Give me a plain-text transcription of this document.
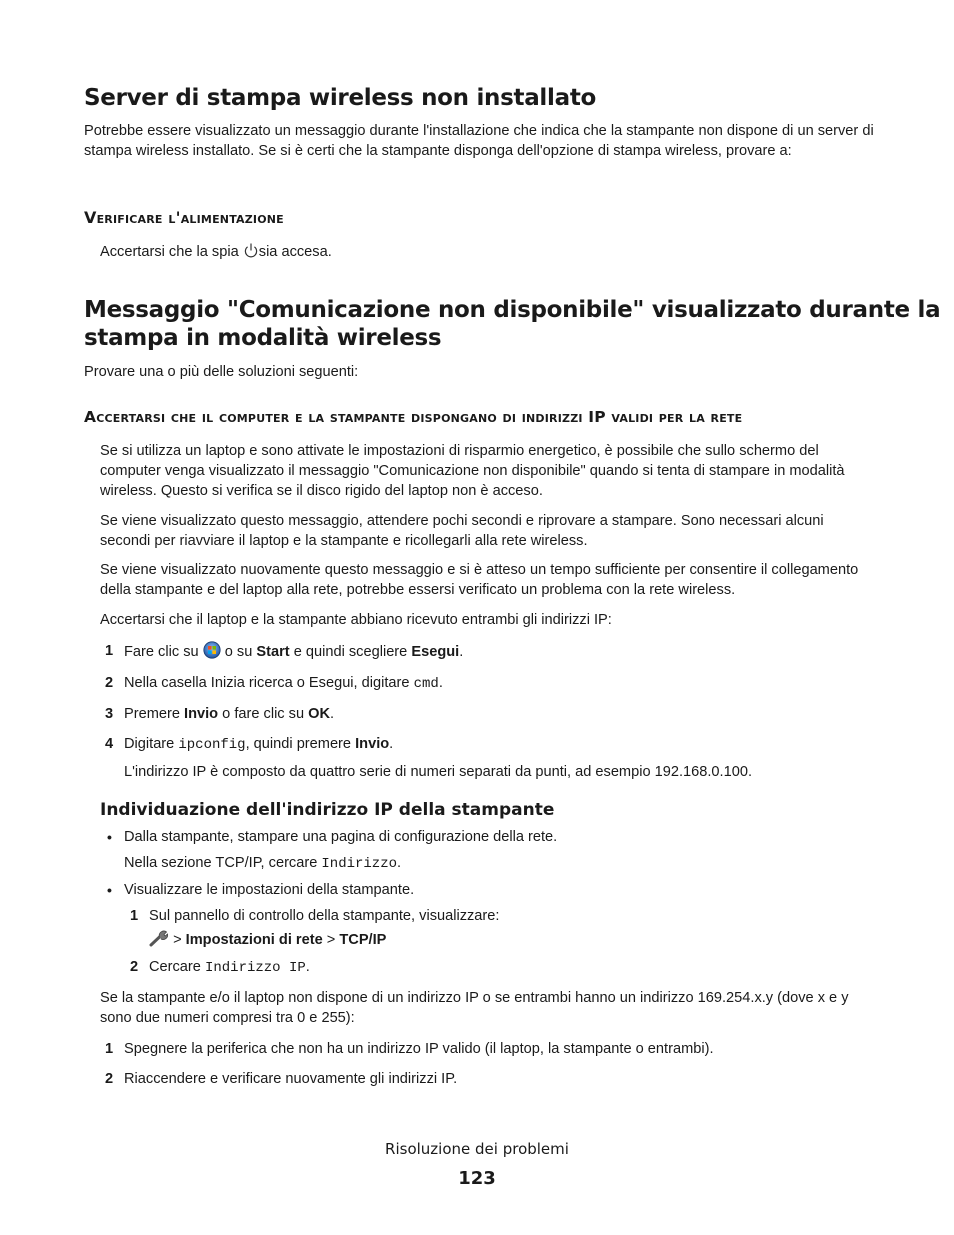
Server di stampa wireless non installato

Potrebbe essere visualizzato un messaggio durante l'installazione che indica che la stampante non dispone di un server di stampa wireless installato. Se si è certi che la stampante disponga dell'opzione di stampa wireless, provare a:

Verificare l'alimentazione

Accertarsi che la spia sia accesa.

Messaggio "Comunicazione non disponibile" visualizzato durante la
stampa in modalità wireless

Provare una o più delle soluzioni seguenti:

Accertarsi che il computer e la stampante dispongano di indirizzi IP validi per la rete

Se si utilizza un laptop e sono attivate le impostazioni di risparmio energetico, è possibile che sullo schermo del computer venga visualizzato il messaggio "Comunicazione non disponibile" quando si tenta di stampare in modalità wireless. Questo si verifica se il disco rigido del laptop non è acceso.

Se viene visualizzato questo messaggio, attendere pochi secondi e riprovare a stampare. Sono necessari alcuni secondi per riavviare il laptop e la stampante e ricollegarli alla rete wireless.

Se viene visualizzato nuovamente questo messaggio e si è atteso un tempo sufficiente per consentire il collegamento della stampante e del laptop alla rete, potrebbe essersi verificato un problema con la rete wireless.

Accertarsi che il laptop e la stampante abbiano ricevuto entrambi gli indirizzi IP:

1 Fare clic su o su Start e quindi scegliere Esegui.
2 Nella casella Inizia ricerca o Esegui, digitare cmd.
3 Premere Invio o fare clic su OK.
4 Digitare ipconfig, quindi premere Invio.

L'indirizzo IP è composto da quattro serie di numeri separati da punti, ad esempio 192.168.0.100.

Individuazione dell'indirizzo IP della stampante
• Dalla stampante, stampare una pagina di configurazione della rete.

Nella sezione TCP/IP, cercare Indirizzo.

• Visualizzare le impostazioni della stampante.

1 Sul pannello di controllo della stampante, visualizzare:

> Impostazioni di rete > TCP/IP

2 Cercare Indirizzo IP.

Se la stampante e/o il laptop non dispone di un indirizzo IP o se entrambi hanno un indirizzo 169.254.x.y (dove x e y sono due numeri compresi tra 0 e 255):

1 Spegnere la periferica che non ha un indirizzo IP valido (il laptop, la stampante o entrambi).
2 Riaccendere e verificare nuovamente gli indirizzi IP.
Risoluzione dei problemi
123
